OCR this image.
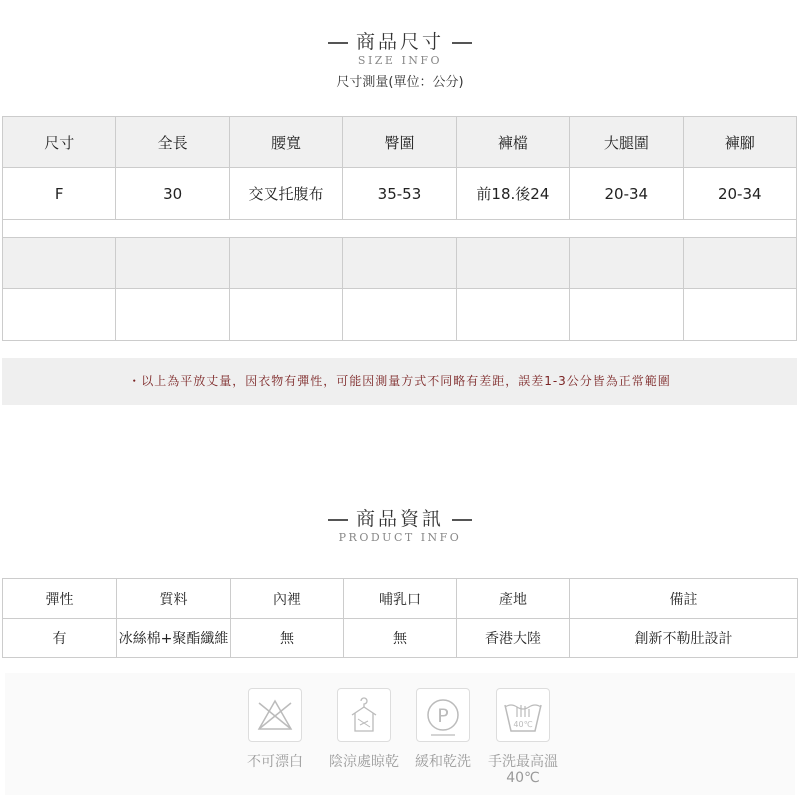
商品尺寸
SIZE INFO
尺寸測量(單位：公分)
尺寸	全長	腰寬	臀圍	褲檔	大腿圍	褲腳
F	30	交叉托腹布	35-53	前18.後24	20-34	20-34

・以上為平放丈量，因衣物有彈性，可能因測量方式不同略有差距，誤差1-3公分皆為正常範圍
商品資訊
PRODUCT INFO
彈性	質料	內裡	哺乳口	產地	備註
有	冰絲棉+聚酯纖維	無	無	香港大陸	創新不勒肚設計
不可漂白	陰涼處晾乾
P
緩和乾洗
40℃
手洗最高溫
40℃
